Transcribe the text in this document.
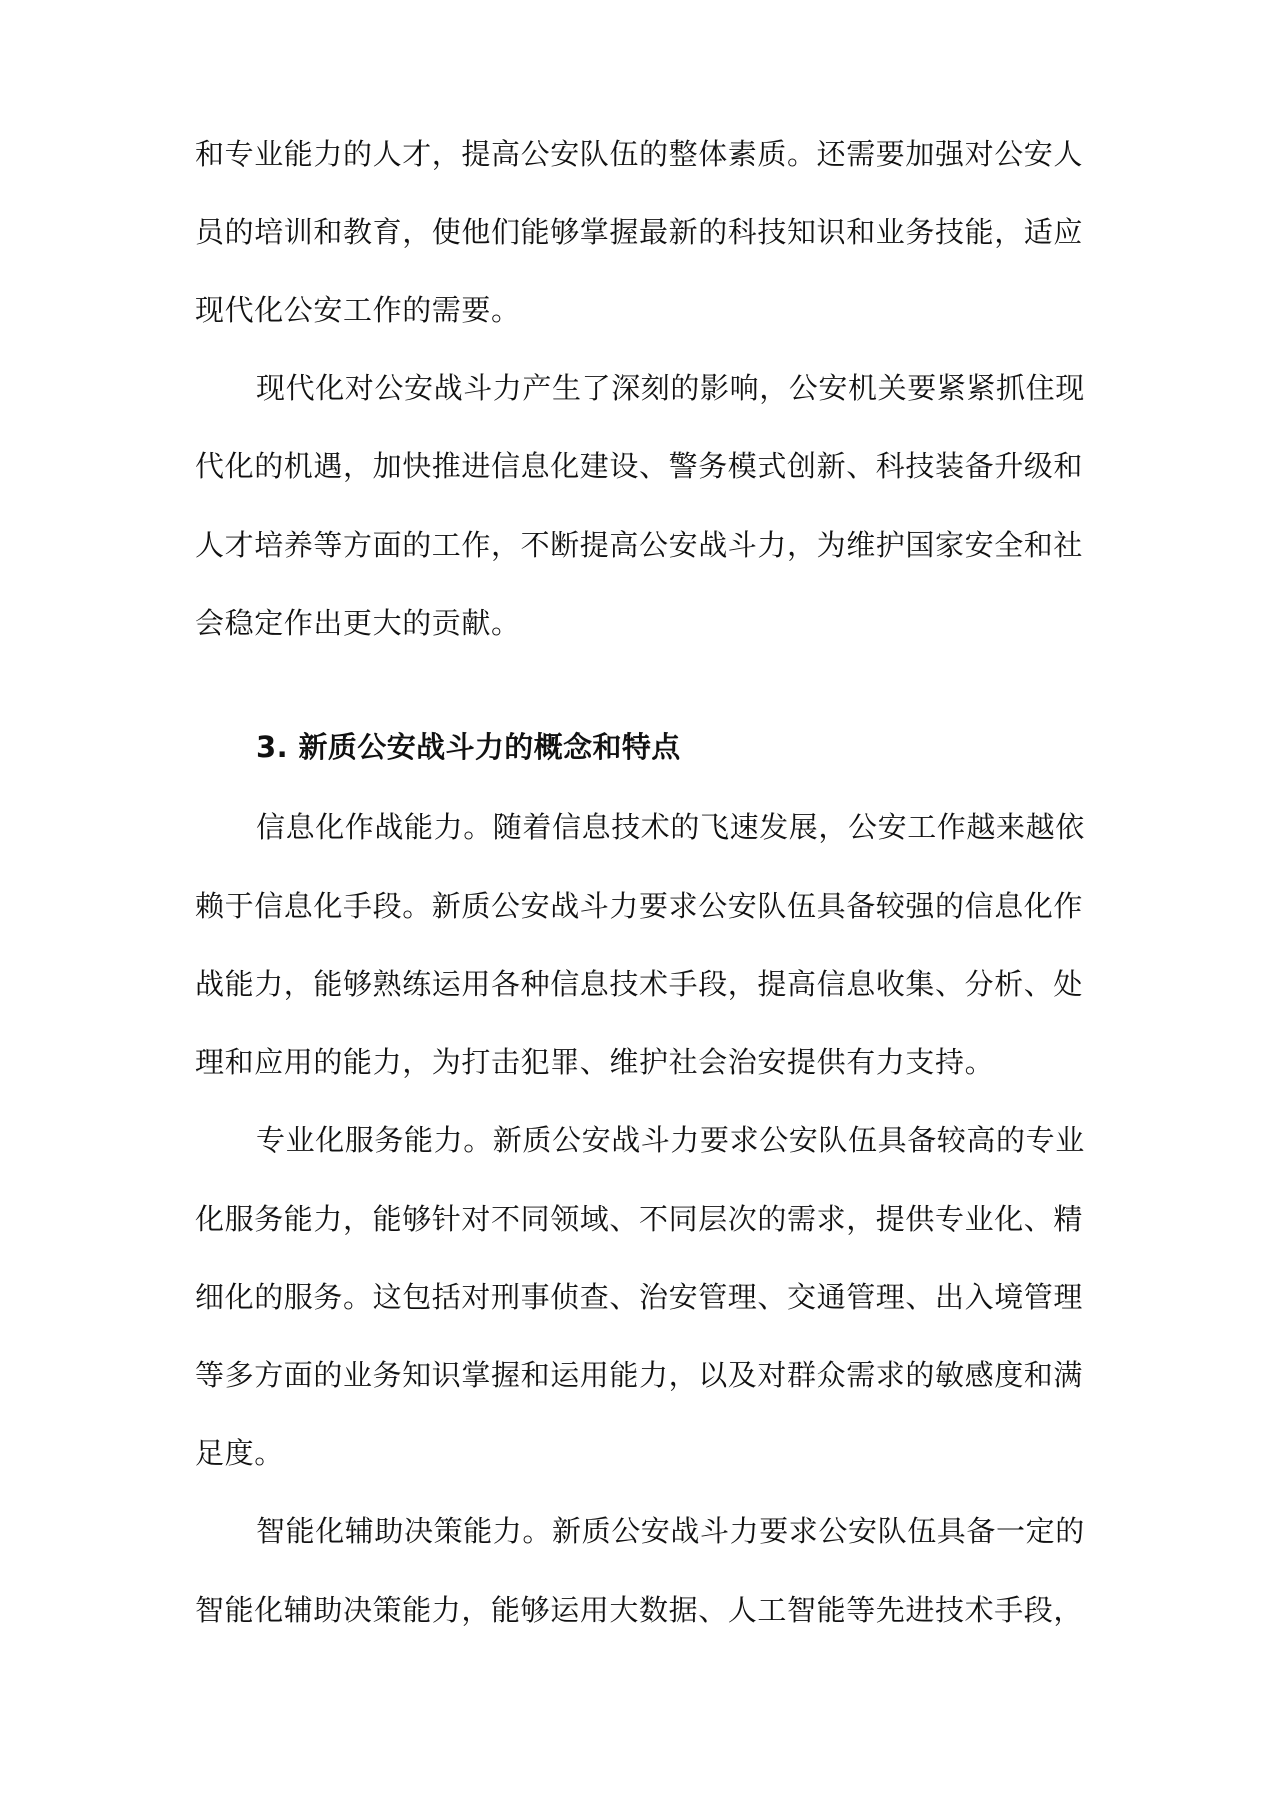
和专业能力的人才，提高公安队伍的整体素质。还需要加强对公安人
员的培训和教育，使他们能够掌握最新的科技知识和业务技能，适应
现代化公安工作的需要。
现代化对公安战斗力产生了深刻的影响，公安机关要紧紧抓住现
代化的机遇，加快推进信息化建设、警务模式创新、科技装备升级和
人才培养等方面的工作，不断提高公安战斗力，为维护国家安全和社
会稳定作出更大的贡献。
3. 新质公安战斗力的概念和特点
信息化作战能力。随着信息技术的飞速发展，公安工作越来越依
赖于信息化手段。新质公安战斗力要求公安队伍具备较强的信息化作
战能力，能够熟练运用各种信息技术手段，提高信息收集、分析、处
理和应用的能力，为打击犯罪、维护社会治安提供有力支持。
专业化服务能力。新质公安战斗力要求公安队伍具备较高的专业
化服务能力，能够针对不同领域、不同层次的需求，提供专业化、精
细化的服务。这包括对刑事侦查、治安管理、交通管理、出入境管理
等多方面的业务知识掌握和运用能力，以及对群众需求的敏感度和满
足度。
智能化辅助决策能力。新质公安战斗力要求公安队伍具备一定的
智能化辅助决策能力，能够运用大数据、人工智能等先进技术手段，
